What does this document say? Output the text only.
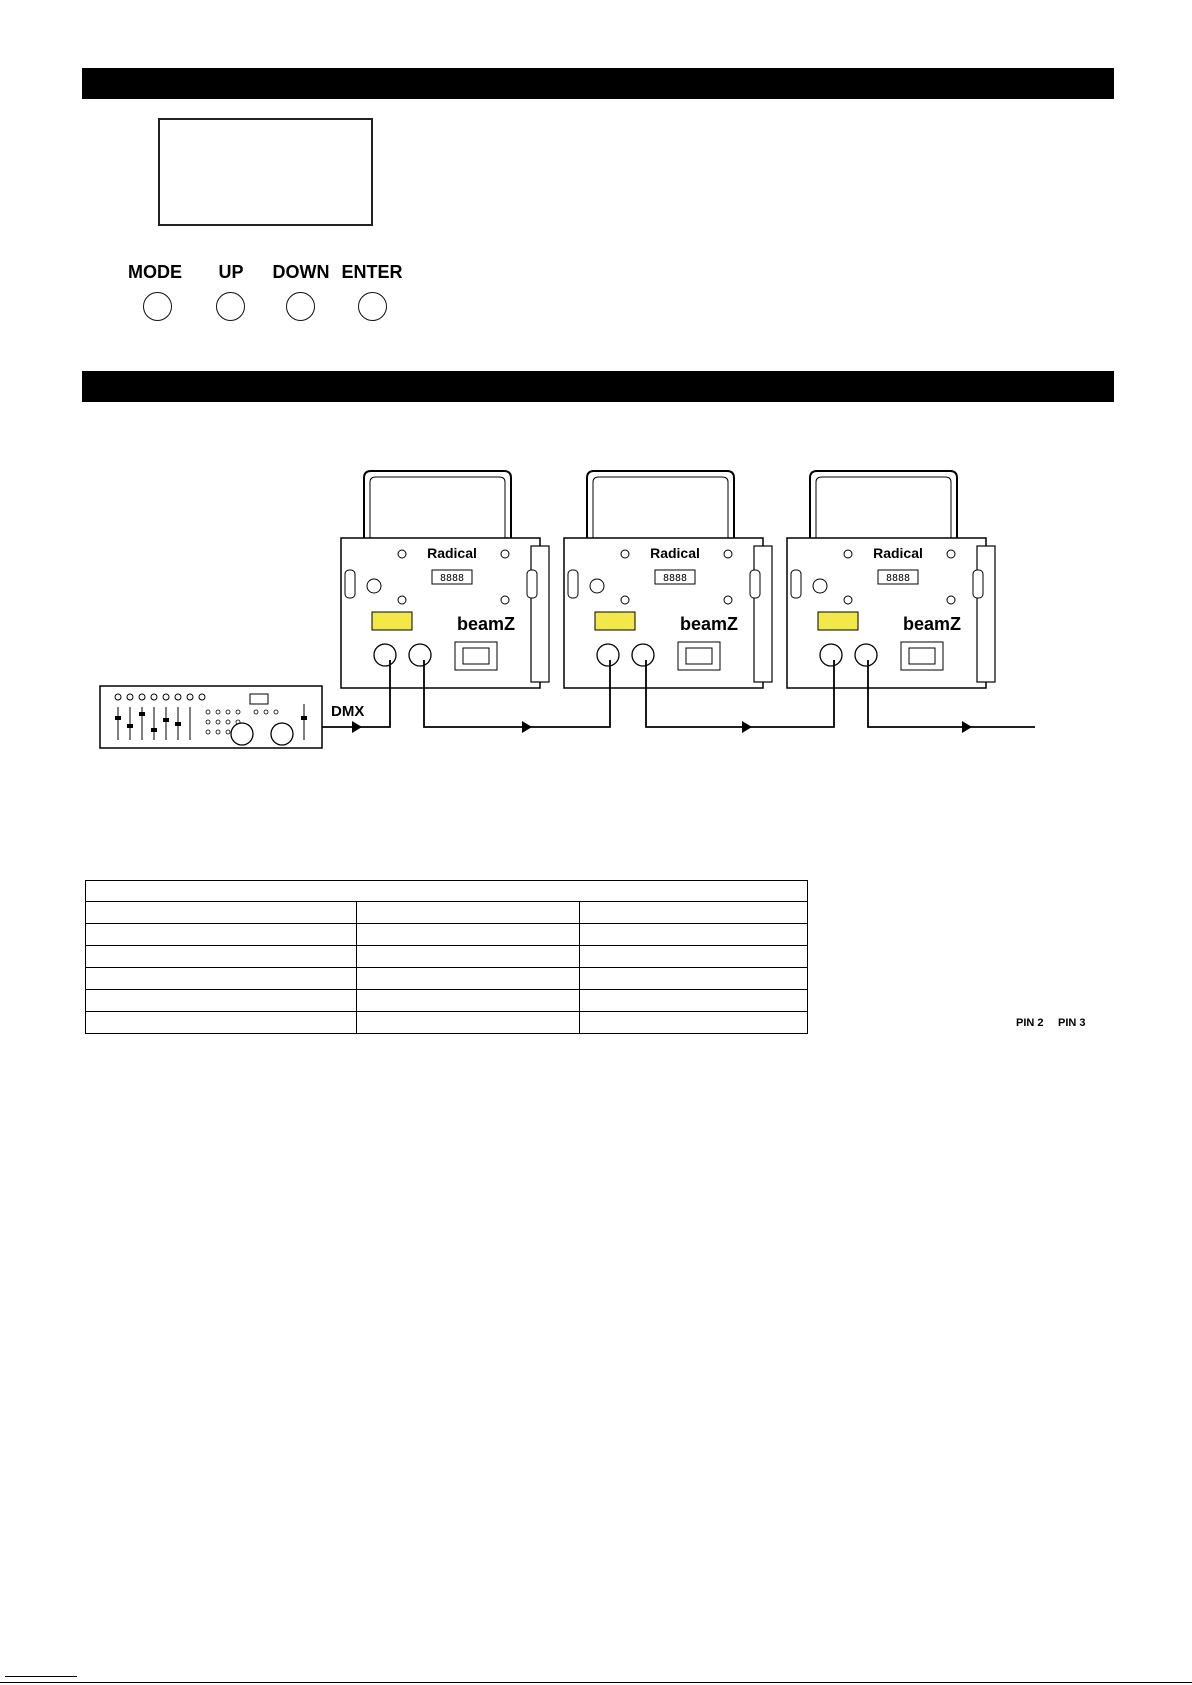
MODE	UP	DOWN ENTER
Radical
8888
beamZ
Radical
8888
beamZ
Radical
8888
beamZ
DMX

PIN 2 PIN 3
